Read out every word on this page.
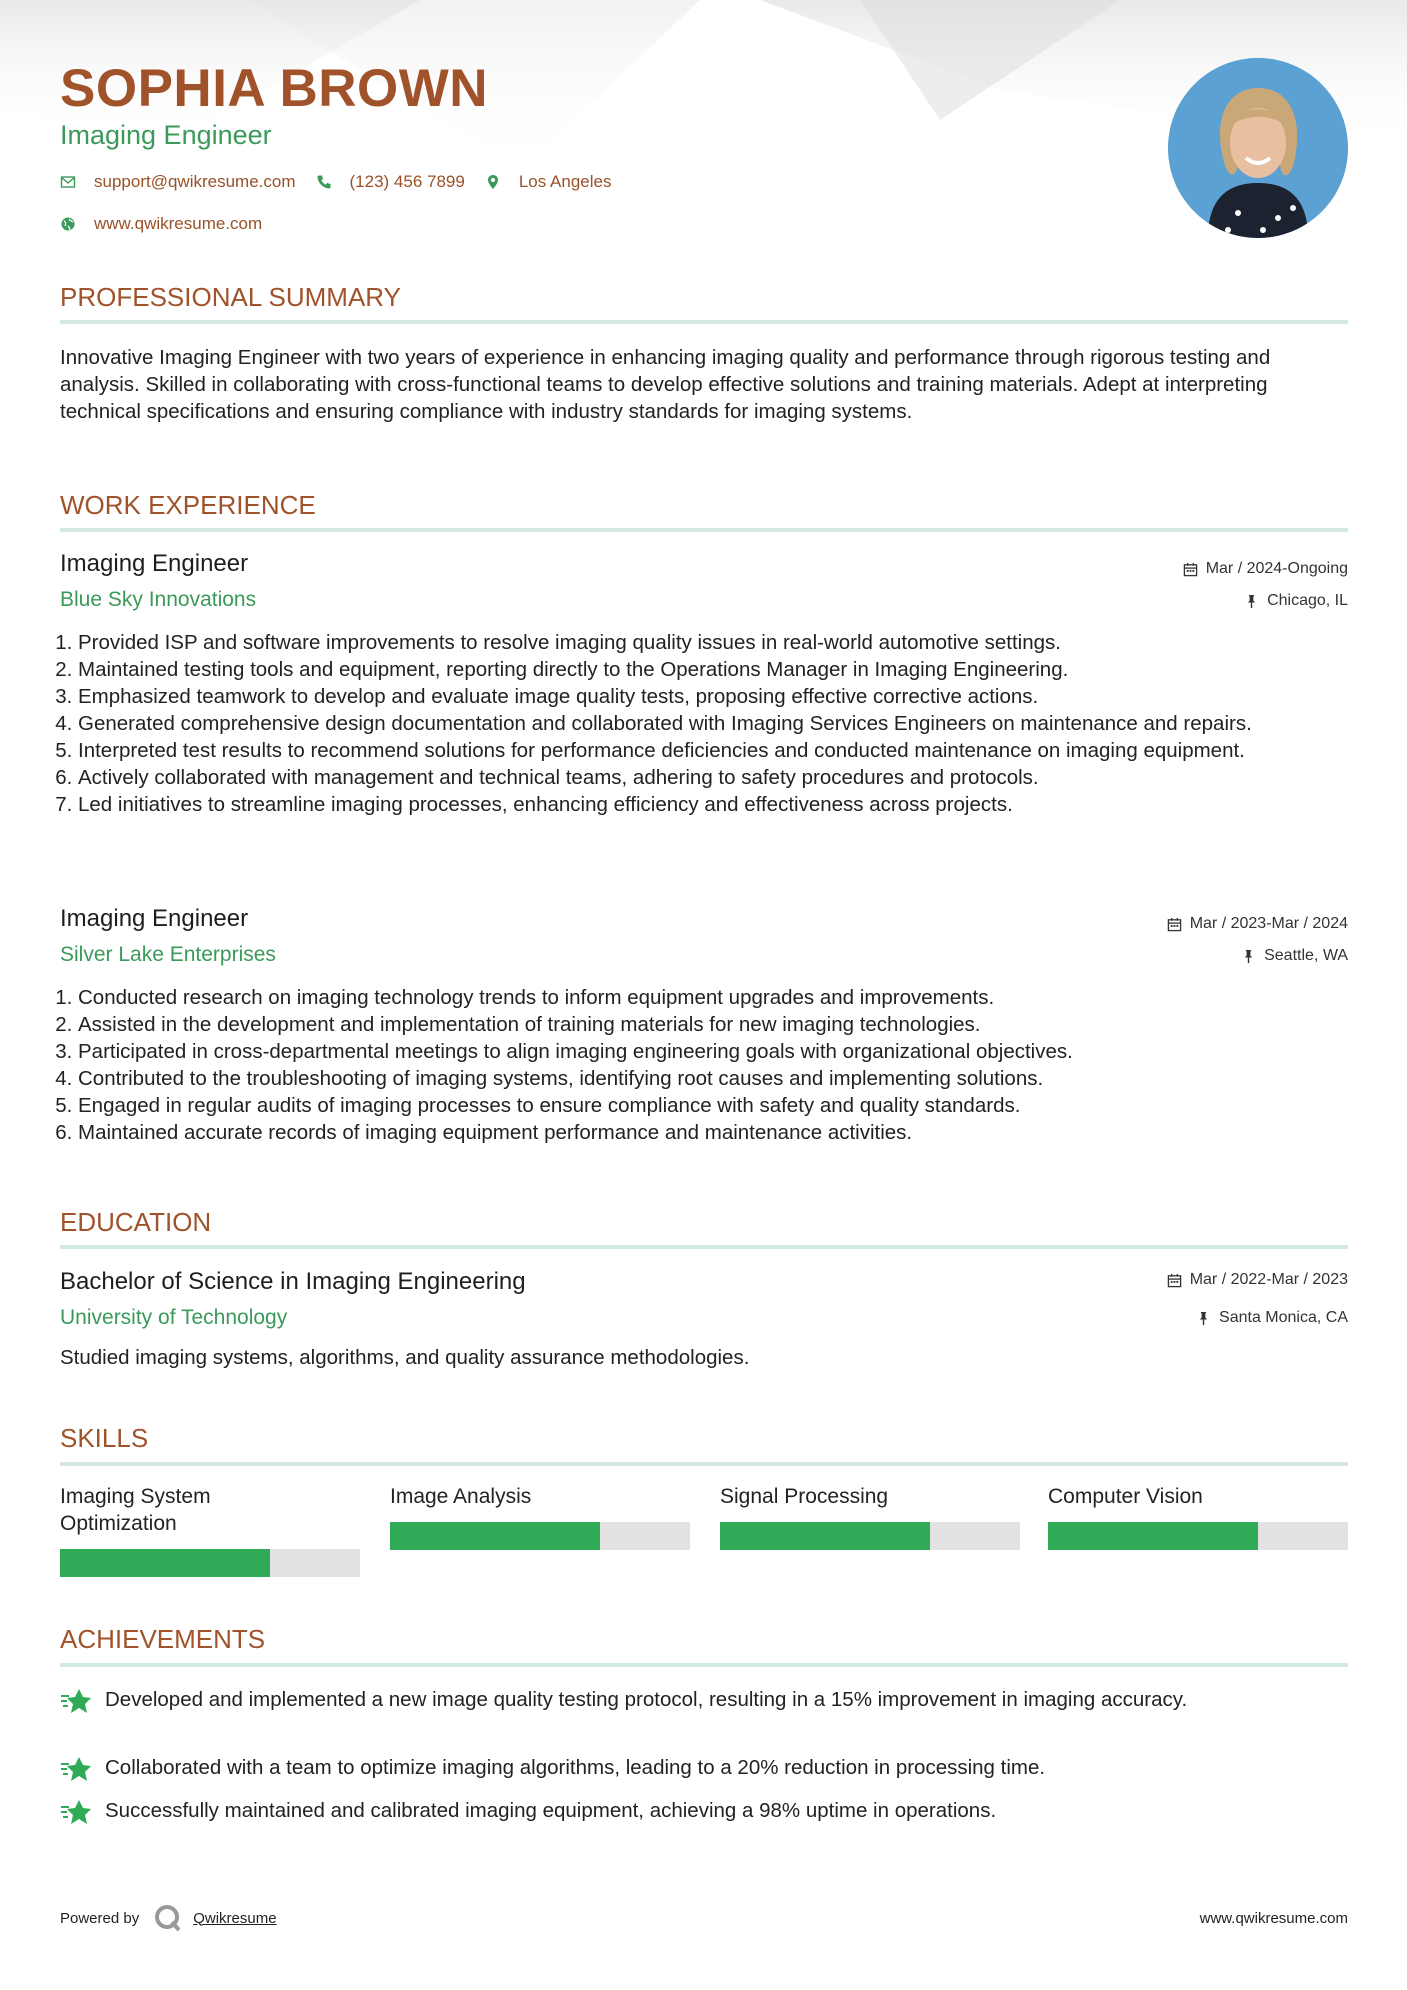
SOPHIA BROWN
Imaging Engineer
support@qwikresume.com	(123) 456 7899	Los Angeles
www.qwikresume.com
PROFESSIONAL SUMMARY
Innovative Imaging Engineer with two years of experience in enhancing imaging quality and performance through rigorous testing and analysis. Skilled in collaborating with cross-functional teams to develop effective solutions and training materials. Adept at interpreting technical specifications and ensuring compliance with industry standards for imaging systems.
WORK EXPERIENCE
Imaging Engineer	Mar / 2024-Ongoing
Blue Sky Innovations	Chicago, IL
1. Provided ISP and software improvements to resolve imaging quality issues in real-world automotive settings.
2. Maintained testing tools and equipment, reporting directly to the Operations Manager in Imaging Engineering.
3. Emphasized teamwork to develop and evaluate image quality tests, proposing effective corrective actions.
4. Generated comprehensive design documentation and collaborated with Imaging Services Engineers on maintenance and repairs.
5. Interpreted test results to recommend solutions for performance deficiencies and conducted maintenance on imaging equipment.
6. Actively collaborated with management and technical teams, adhering to safety procedures and protocols.
7. Led initiatives to streamline imaging processes, enhancing efficiency and effectiveness across projects.
Imaging Engineer	Mar / 2023-Mar / 2024
Silver Lake Enterprises	Seattle, WA
1. Conducted research on imaging technology trends to inform equipment upgrades and improvements.
2. Assisted in the development and implementation of training materials for new imaging technologies.
3. Participated in cross-departmental meetings to align imaging engineering goals with organizational objectives.
4. Contributed to the troubleshooting of imaging systems, identifying root causes and implementing solutions.
5. Engaged in regular audits of imaging processes to ensure compliance with safety and quality standards.
6. Maintained accurate records of imaging equipment performance and maintenance activities.
EDUCATION
Bachelor of Science in Imaging Engineering	Mar / 2022-Mar / 2023
University of Technology	Santa Monica, CA
Studied imaging systems, algorithms, and quality assurance methodologies.
SKILLS
Imaging System Optimization
Image Analysis	Signal Processing	Computer Vision
ACHIEVEMENTS
Developed and implemented a new image quality testing protocol, resulting in a 15% improvement in imaging accuracy.
Collaborated with a team to optimize imaging algorithms, leading to a 20% reduction in processing time.
Successfully maintained and calibrated imaging equipment, achieving a 98% uptime in operations.
Powered by	Qwikresume	www.qwikresume.com
